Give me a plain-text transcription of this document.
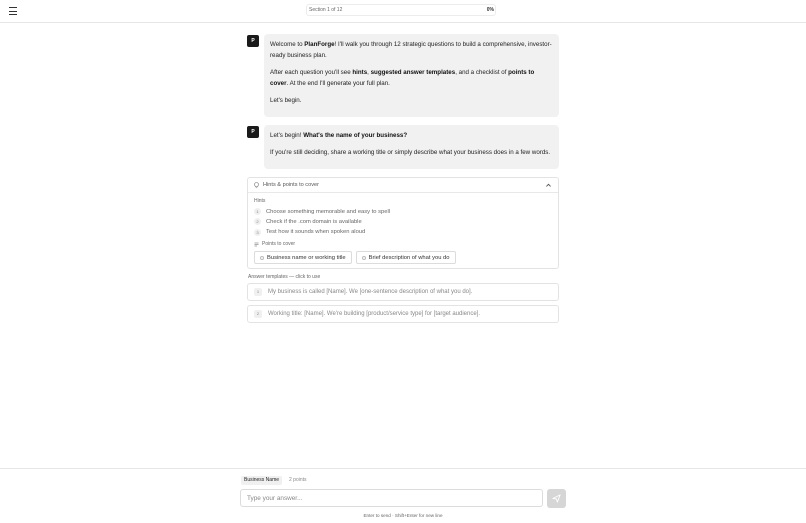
Section 1 of 12	0%
P	Welcome to PlanForge! I'll walk you through 12 strategic questions to build a comprehensive, investor-ready business plan.

After each question you'll see hints, suggested answer templates, and a checklist of points to cover. At the end I'll generate your full plan.

Let's begin.

P	Let's begin! What's the name of your business?

If you're still deciding, share a working title or simply describe what your business does in a few words.

Hints & points to cover
Hints
1	Choose something memorable and easy to spell
2	Check if the .com domain is available
3	Test how it sounds when spoken aloud
Points to cover
Business name or working title	Brief description of what you do
Answer templates — click to use
1	My business is called [Name]. We [one-sentence description of what you do].
2	Working title: [Name]. We're building [product/service type] for [target audience].
Business Name	2 points
Type your answer...
Enter to send · Shift+Enter for new line
